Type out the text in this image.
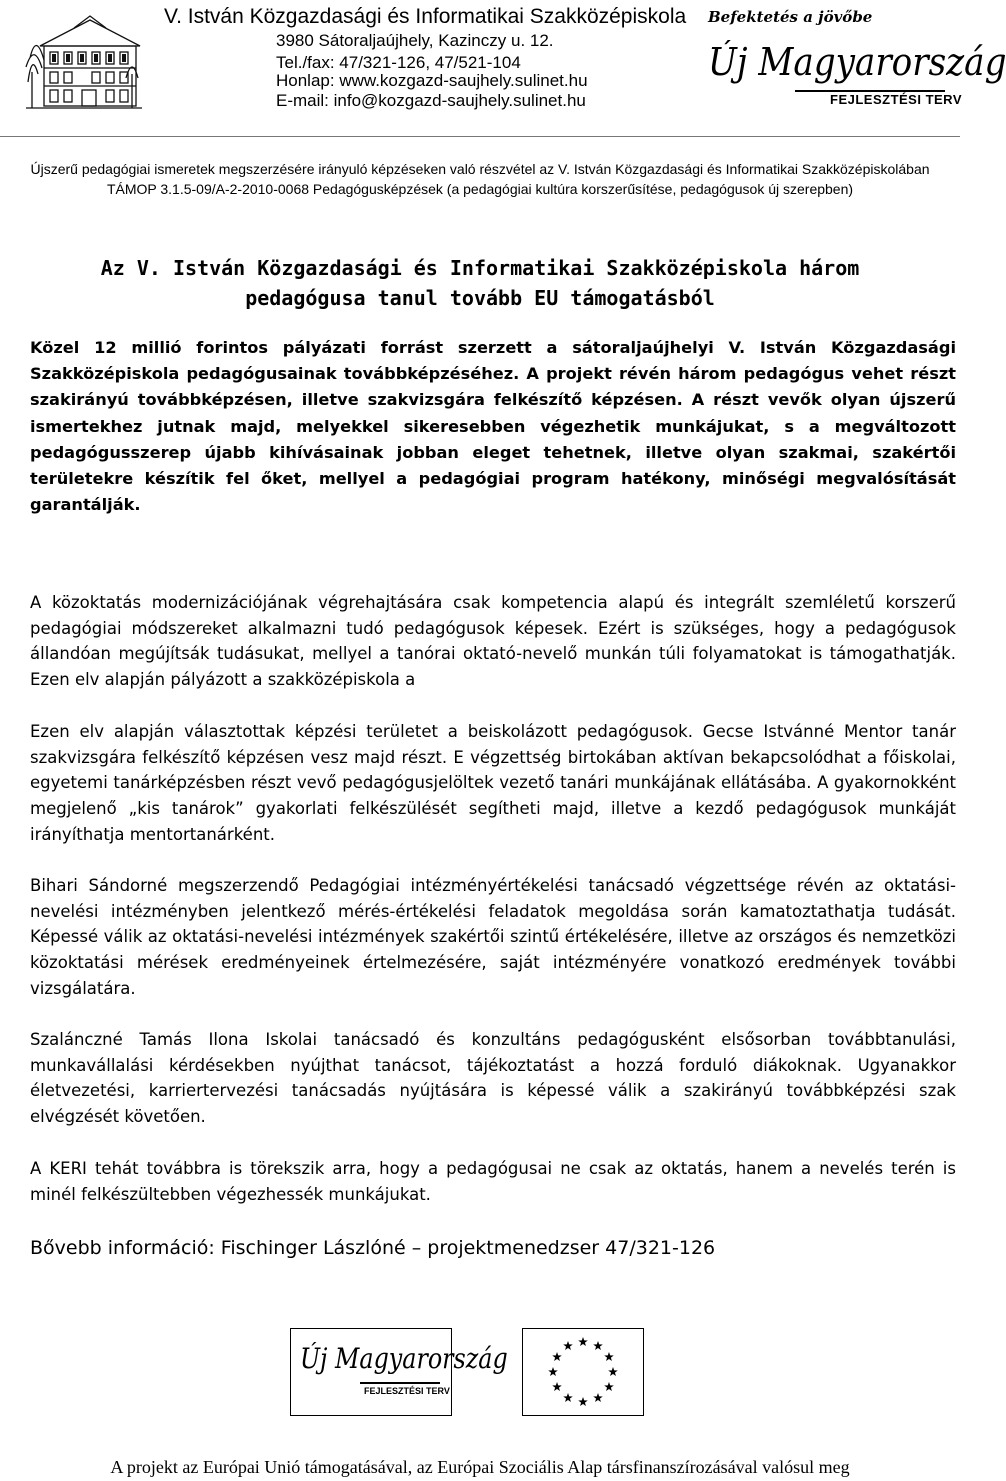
V. István Közgazdasági és Informatikai Szakközépiskola
3980 Sátoraljaújhely, Kazinczy u. 12.
Tel./fax: 47/321-126, 47/521-104
Honlap: www.kozgazd-saujhely.sulinet.hu
E-mail: info@kozgazd-saujhely.sulinet.hu
Befektetés a jövőbe
Új Magyarország
FEJLESZTÉSI TERV
Újszerű pedagógiai ismeretek megszerzésére irányuló képzéseken való részvétel az V. István Közgazdasági és Informatikai Szakközépiskolában
TÁMOP 3.1.5-09/A-2-2010-0068 Pedagógusképzések (a pedagógiai kultúra korszerűsítése, pedagógusok új szerepben)
Az V. István Közgazdasági és Informatikai Szakközépiskola három
pedagógusa tanul tovább EU támogatásból
Közel 12 millió forintos pályázati forrást szerzett a sátoraljaújhelyi V. István Közgazdasági Szakközépiskola pedagógusainak továbbképzéséhez. A projekt révén három pedagógus vehet részt szakirányú továbbképzésen, illetve szakvizsgára felkészítő képzésen. A részt vevők olyan újszerű ismertekhez jutnak majd, melyekkel sikeresebben végezhetik munkájukat, s a megváltozott pedagógusszerep újabb kihívásainak jobban eleget tehetnek, illetve olyan szakmai, szakértői területekre készítik fel őket, mellyel a pedagógiai program hatékony, minőségi megvalósítását garantálják.
A közoktatás modernizációjának végrehajtására csak kompetencia alapú és integrált szemléletű korszerű pedagógiai módszereket alkalmazni tudó pedagógusok képesek. Ezért is szükséges, hogy a pedagógusok állandóan megújítsák tudásukat, mellyel a tanórai oktató-nevelő munkán túli folyamatokat is támogathatják. Ezen elv alapján pályázott a szakközépiskola a
Ezen elv alapján választottak képzési területet a beiskolázott pedagógusok. Gecse Istvánné Mentor tanár szakvizsgára felkészítő képzésen vesz majd részt. E végzettség birtokában aktívan bekapcsolódhat a főiskolai, egyetemi tanárképzésben részt vevő pedagógusjelöltek vezető tanári munkájának ellátásába. A gyakornokként megjelenő „kis tanárok” gyakorlati felkészülését segítheti majd, illetve a kezdő pedagógusok munkáját irányíthatja mentortanárként.
Bihari Sándorné megszerzendő Pedagógiai intézményértékelési tanácsadó végzettsége révén az oktatási-nevelési intézményben jelentkező mérés-értékelési feladatok megoldása során kamatoztathatja tudását. Képessé válik az oktatási-nevelési intézmények szakértői szintű értékelésére, illetve az országos és nemzetközi közoktatási mérések eredményeinek értelmezésére, saját intézményére vonatkozó eredmények további vizsgálatára.
Szalánczné Tamás Ilona Iskolai tanácsadó és konzultáns pedagógusként elsősorban továbbtanulási, munkavállalási kérdésekben nyújthat tanácsot, tájékoztatást a hozzá forduló diákoknak. Ugyanakkor életvezetési, karriertervezési tanácsadás nyújtására is képessé válik a szakirányú továbbképzési szak elvégzését követően.
A KERI tehát továbbra is törekszik arra, hogy a pedagógusai ne csak az oktatás, hanem a nevelés terén is minél felkészültebben végezhessék munkájukat.
Bővebb információ: Fischinger Lászlóné – projektmenedzser 47/321-126
Új Magyarország
FEJLESZTÉSI TERV
A projekt az Európai Unió támogatásával, az Európai Szociális Alap társfinanszírozásával valósul meg
